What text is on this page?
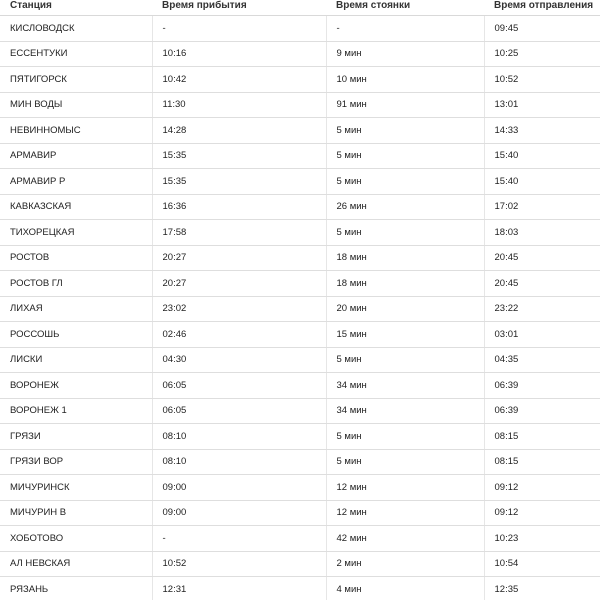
Станция	Время прибытия	Время стоянки	Время отправления
КИСЛОВОДСК	-	-	09:45
ЕССЕНТУКИ	10:16	9 мин	10:25
ПЯТИГОРСК	10:42	10 мин	10:52
МИН ВОДЫ	11:30	91 мин	13:01
НЕВИННОМЫС	14:28	5 мин	14:33
АРМАВИР	15:35	5 мин	15:40
АРМАВИР Р	15:35	5 мин	15:40
КАВКАЗСКАЯ	16:36	26 мин	17:02
ТИХОРЕЦКАЯ	17:58	5 мин	18:03
РОСТОВ	20:27	18 мин	20:45
РОСТОВ ГЛ	20:27	18 мин	20:45
ЛИХАЯ	23:02	20 мин	23:22
РОССОШЬ	02:46	15 мин	03:01
ЛИСКИ	04:30	5 мин	04:35
ВОРОНЕЖ	06:05	34 мин	06:39
ВОРОНЕЖ 1	06:05	34 мин	06:39
ГРЯЗИ	08:10	5 мин	08:15
ГРЯЗИ ВОР	08:10	5 мин	08:15
МИЧУРИНСК	09:00	12 мин	09:12
МИЧУРИН В	09:00	12 мин	09:12
ХОБОТОВО	-	42 мин	10:23
АЛ НЕВСКАЯ	10:52	2 мин	10:54
РЯЗАНЬ	12:31	4 мин	12:35
